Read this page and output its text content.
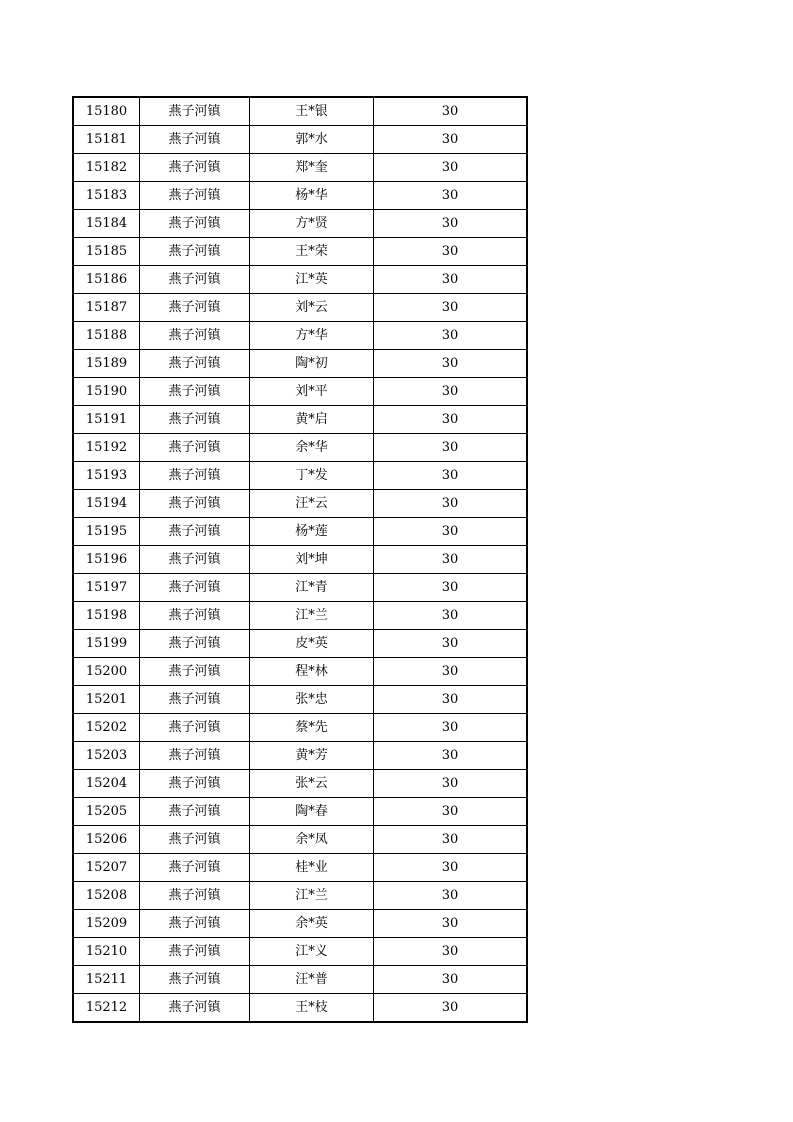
15180	燕子河镇	王*银	30
15181	燕子河镇	郭*水	30
15182	燕子河镇	郑*奎	30
15183	燕子河镇	杨*华	30
15184	燕子河镇	方*贤	30
15185	燕子河镇	王*荣	30
15186	燕子河镇	江*英	30
15187	燕子河镇	刘*云	30
15188	燕子河镇	方*华	30
15189	燕子河镇	陶*初	30
15190	燕子河镇	刘*平	30
15191	燕子河镇	黄*启	30
15192	燕子河镇	余*华	30
15193	燕子河镇	丁*发	30
15194	燕子河镇	汪*云	30
15195	燕子河镇	杨*莲	30
15196	燕子河镇	刘*坤	30
15197	燕子河镇	江*青	30
15198	燕子河镇	江*兰	30
15199	燕子河镇	皮*英	30
15200	燕子河镇	程*林	30
15201	燕子河镇	张*忠	30
15202	燕子河镇	蔡*先	30
15203	燕子河镇	黄*芳	30
15204	燕子河镇	张*云	30
15205	燕子河镇	陶*春	30
15206	燕子河镇	余*凤	30
15207	燕子河镇	桂*业	30
15208	燕子河镇	江*兰	30
15209	燕子河镇	余*英	30
15210	燕子河镇	江*义	30
15211	燕子河镇	汪*普	30
15212	燕子河镇	王*枝	30
